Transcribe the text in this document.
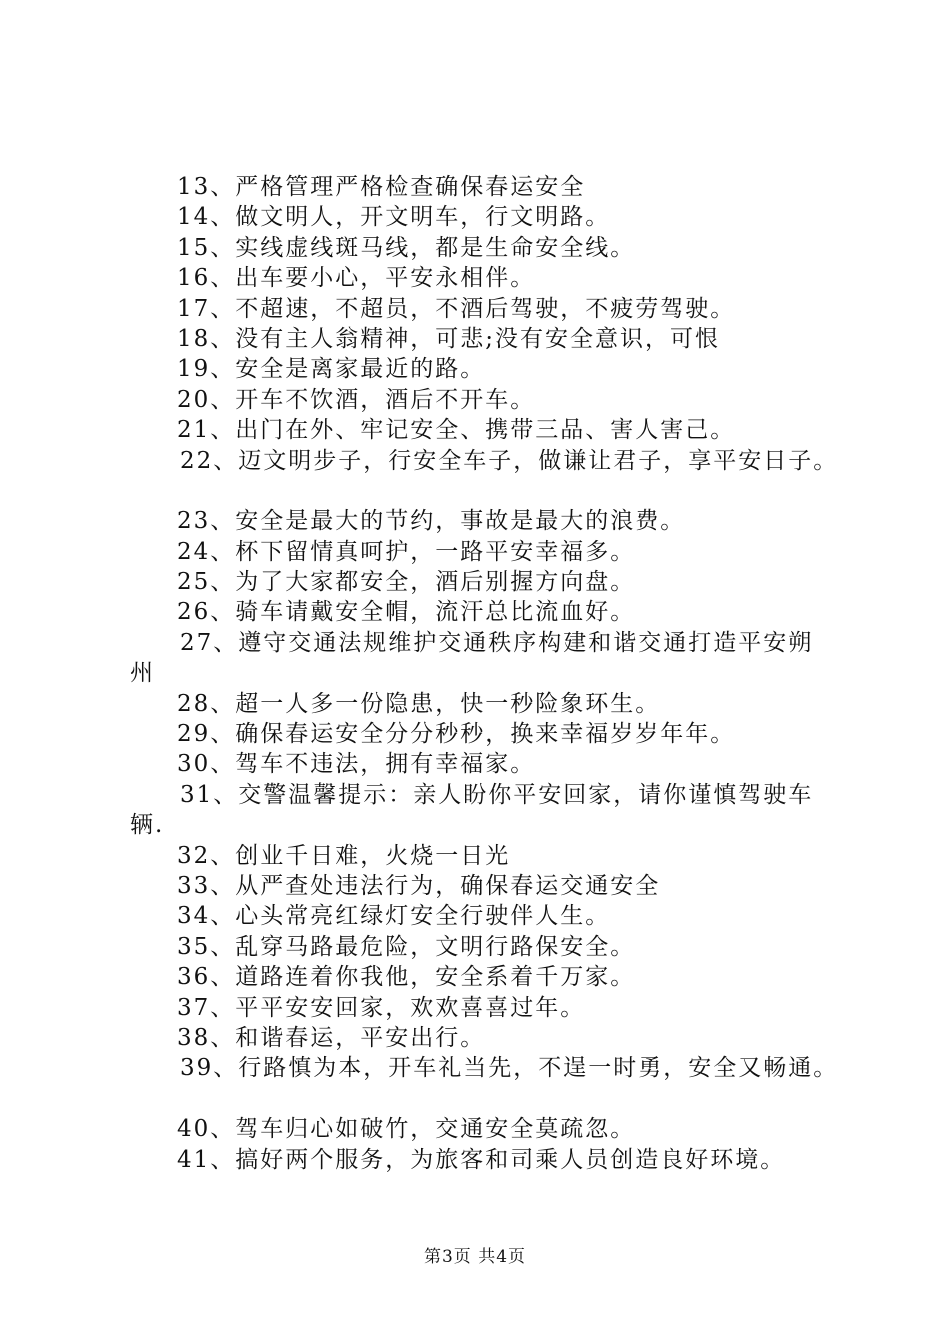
13、严格管理严格检查确保春运安全
14、做文明人，开文明车，行文明路。
15、实线虚线斑马线，都是生命安全线。
16、出车要小心，平安永相伴。
17、不超速，不超员，不酒后驾驶，不疲劳驾驶。
18、没有主人翁精神，可悲;没有安全意识，可恨
19、安全是离家最近的路。
20、开车不饮酒，酒后不开车。
21、出门在外、牢记安全、携带三品、害人害己。
22、迈文明步子，行安全车子，做谦让君子，享平安日子。
23、安全是最大的节约，事故是最大的浪费。
24、杯下留情真呵护，一路平安幸福多。
25、为了大家都安全，酒后别握方向盘。
26、骑车请戴安全帽，流汗总比流血好。
27、遵守交通法规维护交通秩序构建和谐交通打造平安朔
州
28、超一人多一份隐患，快一秒险象环生。
29、确保春运安全分分秒秒，换来幸福岁岁年年。
30、驾车不违法，拥有幸福家。
31、交警温馨提示：亲人盼你平安回家，请你谨慎驾驶车
辆.
32、创业千日难，火烧一日光
33、从严查处违法行为，确保春运交通安全
34、心头常亮红绿灯安全行驶伴人生。
35、乱穿马路最危险，文明行路保安全。
36、道路连着你我他，安全系着千万家。
37、平平安安回家，欢欢喜喜过年。
38、和谐春运，平安出行。
39、行路慎为本，开车礼当先，不逞一时勇，安全又畅通。
40、驾车归心如破竹，交通安全莫疏忽。
41、搞好两个服务，为旅客和司乘人员创造良好环境。
第3页 共4页
